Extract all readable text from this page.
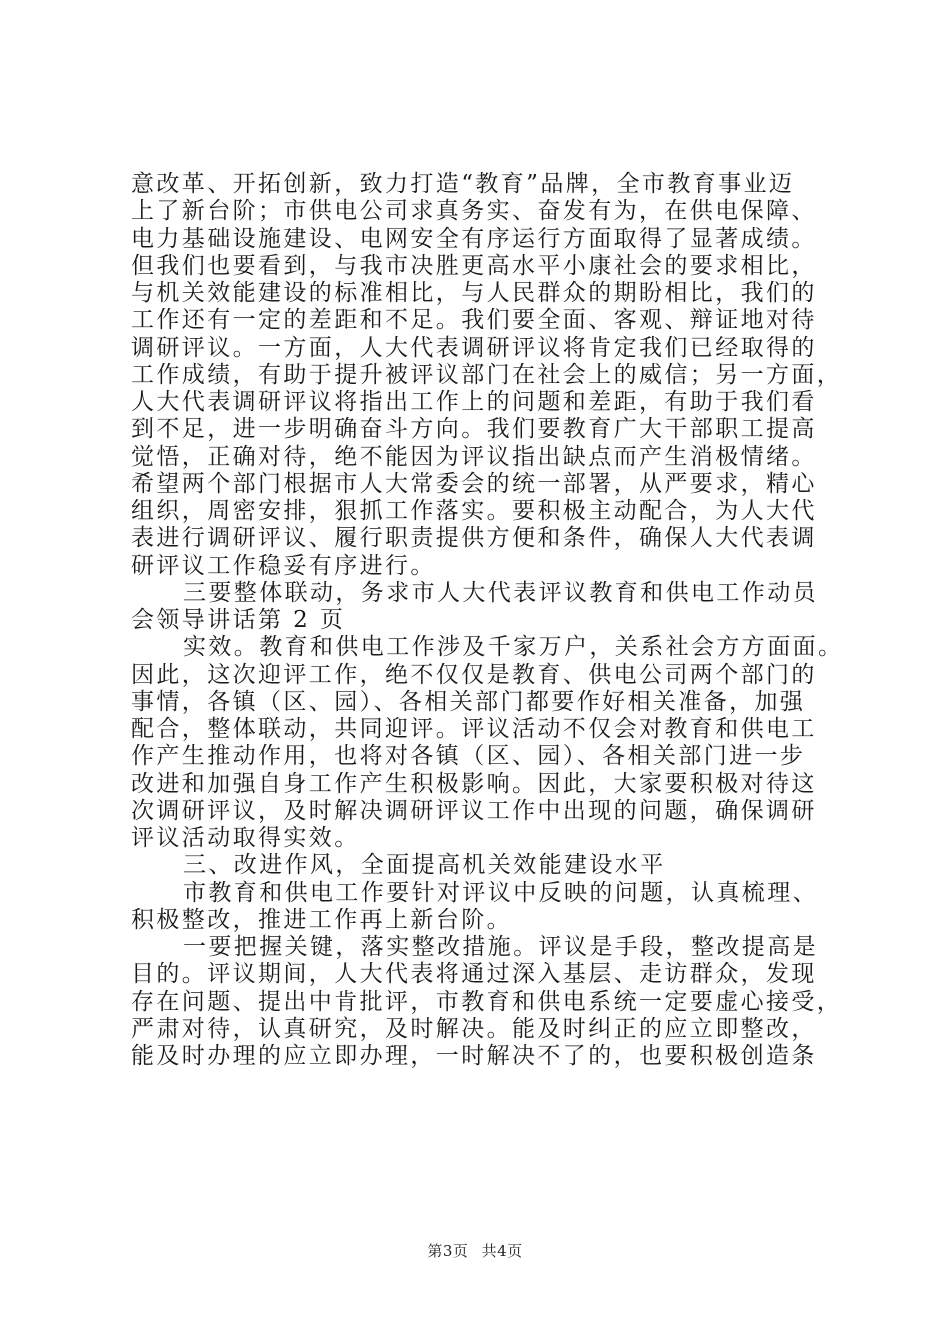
意改革、开拓创新，致力打造“教育”品牌，全市教育事业迈
上了新台阶；市供电公司求真务实、奋发有为，在供电保障、
电力基础设施建设、电网安全有序运行方面取得了显著成绩。
但我们也要看到，与我市决胜更高水平小康社会的要求相比，
与机关效能建设的标准相比，与人民群众的期盼相比，我们的
工作还有一定的差距和不足。我们要全面、客观、辩证地对待
调研评议。一方面，人大代表调研评议将肯定我们已经取得的
工作成绩，有助于提升被评议部门在社会上的威信；另一方面，
人大代表调研评议将指出工作上的问题和差距，有助于我们看
到不足，进一步明确奋斗方向。我们要教育广大干部职工提高
觉悟，正确对待，绝不能因为评议指出缺点而产生消极情绪。
希望两个部门根据市人大常委会的统一部署，从严要求，精心
组织，周密安排，狠抓工作落实。要积极主动配合，为人大代
表进行调研评议、履行职责提供方便和条件，确保人大代表调
研评议工作稳妥有序进行。
三要整体联动，务求市人大代表评议教育和供电工作动员
会领导讲话第 2 页
实效。教育和供电工作涉及千家万户，关系社会方方面面。
因此，这次迎评工作，绝不仅仅是教育、供电公司两个部门的
事情，各镇（区、园）、各相关部门都要作好相关准备，加强
配合，整体联动，共同迎评。评议活动不仅会对教育和供电工
作产生推动作用，也将对各镇（区、园）、各相关部门进一步
改进和加强自身工作产生积极影响。因此，大家要积极对待这
次调研评议，及时解决调研评议工作中出现的问题，确保调研
评议活动取得实效。
三、改进作风，全面提高机关效能建设水平
市教育和供电工作要针对评议中反映的问题，认真梳理、
积极整改，推进工作再上新台阶。
一要把握关键，落实整改措施。评议是手段，整改提高是
目的。评议期间，人大代表将通过深入基层、走访群众，发现
存在问题、提出中肯批评，市教育和供电系统一定要虚心接受，
严肃对待，认真研究，及时解决。能及时纠正的应立即整改，
能及时办理的应立即办理，一时解决不了的，也要积极创造条
第3页 共4页
